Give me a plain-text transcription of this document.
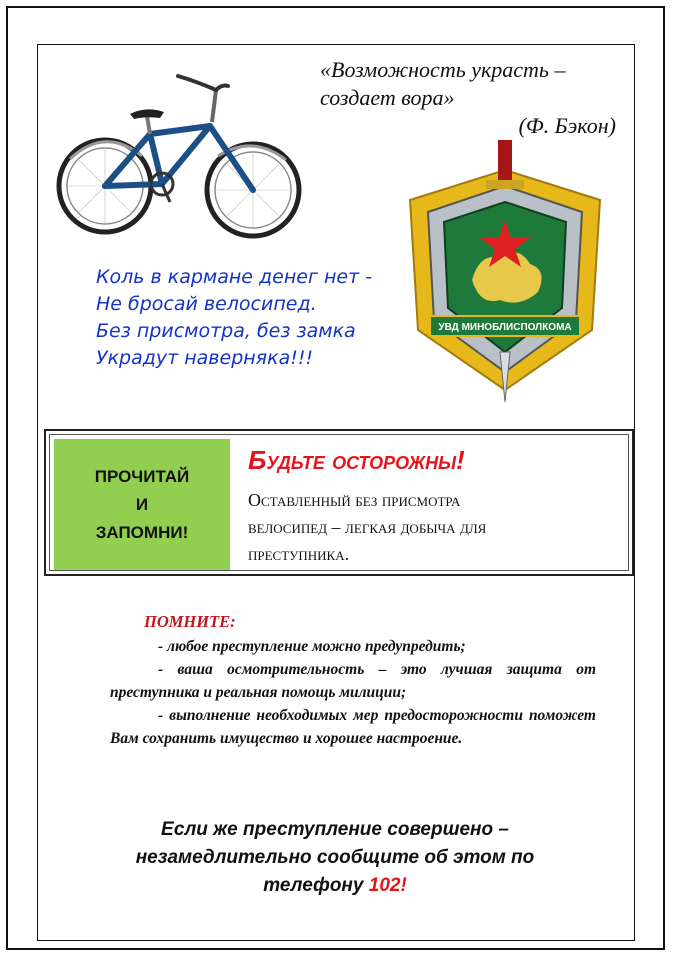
«Возможность украсть –
создает вора»
(Ф. Бэкон)
УВД МИНОБЛИСПОЛКОМА
Коль в кармане денег нет -
Не бросай велосипед.
Без присмотра, без замка
Украдут наверняка!!!
ПРОЧИТАЙ
И
ЗАПОМНИ!
Будьте осторожны!
Оставленный без присмотра
велосипед – легкая добыча для
преступника.
ПОМНИТЕ:
- любое преступление можно предупредить;
- ваша осмотрительность – это лучшая защита от преступника и реальная помощь милиции;
- выполнение необходимых мер предосторожности поможет Вам сохранить имущество и хорошее настроение.
Если же преступление совершено –
незамедлительно сообщите об этом по
телефону 102!
